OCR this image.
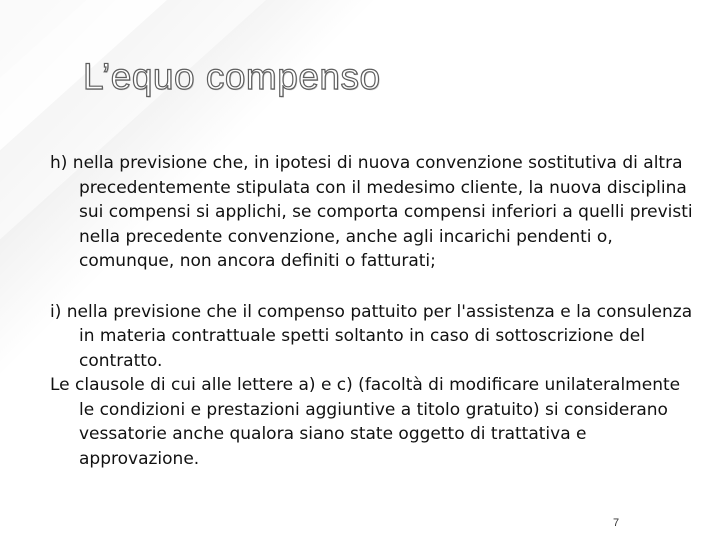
L’equo compenso

h) nella previsione che, in ipotesi di nuova convenzione sostitutiva di altra precedentemente stipulata con il medesimo cliente, la nuova disciplina sui compensi si applichi, se comporta compensi inferiori a quelli previsti nella precedente convenzione, anche agli incarichi pendenti o, comunque, non ancora definiti o fatturati;

i) nella previsione che il compenso pattuito per l'assistenza e la consulenza in materia contrattuale spetti soltanto in caso di sottoscrizione del contratto.

Le clausole di cui alle lettere a) e c) (facoltà di modificare unilateralmente le condizioni e prestazioni aggiuntive a titolo gratuito) si considerano vessatorie anche qualora siano state oggetto di trattativa e approvazione.

7
